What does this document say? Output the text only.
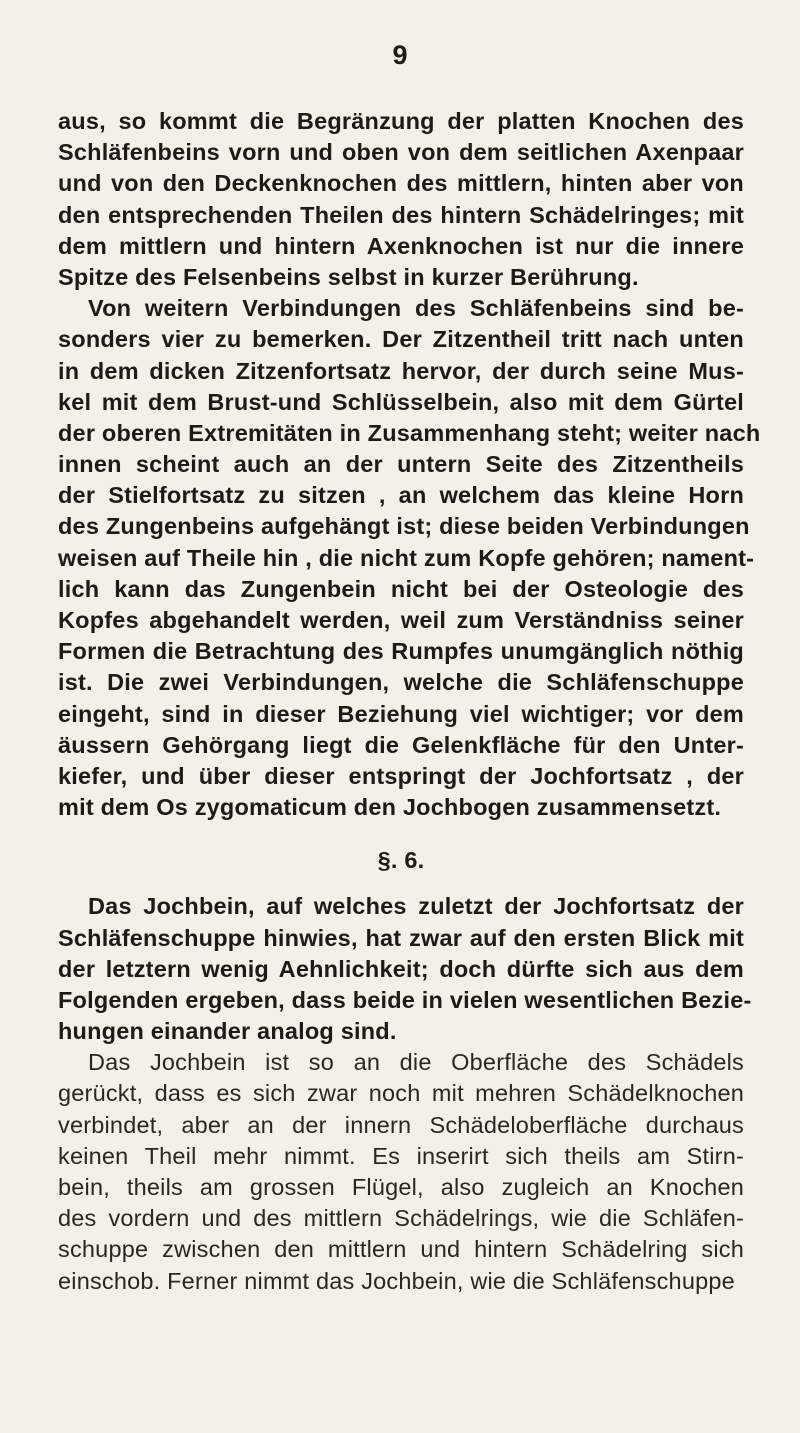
9
aus, so kommt die Begränzung der platten Knochen des
Schläfenbeins vorn und oben von dem seitlichen Axenpaar
und von den Deckenknochen des mittlern, hinten aber von
den entsprechenden Theilen des hintern Schädelringes; mit
dem mittlern und hintern Axenknochen ist nur die innere
Spitze des Felsenbeins selbst in kurzer Berührung.
Von weitern Verbindungen des Schläfenbeins sind be-
sonders vier zu bemerken. Der Zitzentheil tritt nach unten
in dem dicken Zitzenfortsatz hervor, der durch seine Mus-
kel mit dem Brust-und Schlüsselbein, also mit dem Gürtel
der oberen Extremitäten in Zusammenhang steht; weiter nach
innen scheint auch an der untern Seite des Zitzentheils
der Stielfortsatz zu sitzen , an welchem das kleine Horn
des Zungenbeins aufgehängt ist; diese beiden Verbindungen
weisen auf Theile hin , die nicht zum Kopfe gehören; nament-
lich kann das Zungenbein nicht bei der Osteologie des
Kopfes abgehandelt werden, weil zum Verständniss seiner
Formen die Betrachtung des Rumpfes unumgänglich nöthig
ist. Die zwei Verbindungen, welche die Schläfenschuppe
eingeht, sind in dieser Beziehung viel wichtiger; vor dem
äussern Gehörgang liegt die Gelenkfläche für den Unter-
kiefer, und über dieser entspringt der Jochfortsatz , der
mit dem Os zygomaticum den Jochbogen zusammensetzt.
§. 6.
Das Jochbein, auf welches zuletzt der Jochfortsatz der
Schläfenschuppe hinwies, hat zwar auf den ersten Blick mit
der letztern wenig Aehnlichkeit; doch dürfte sich aus dem
Folgenden ergeben, dass beide in vielen wesentlichen Bezie-
hungen einander analog sind.
Das Jochbein ist so an die Oberfläche des Schädels
gerückt, dass es sich zwar noch mit mehren Schädelknochen
verbindet, aber an der innern Schädeloberfläche durchaus
keinen Theil mehr nimmt. Es inserirt sich theils am Stirn-
bein, theils am grossen Flügel, also zugleich an Knochen
des vordern und des mittlern Schädelrings, wie die Schläfen-
schuppe zwischen den mittlern und hintern Schädelring sich
einschob. Ferner nimmt das Jochbein, wie die Schläfenschuppe
